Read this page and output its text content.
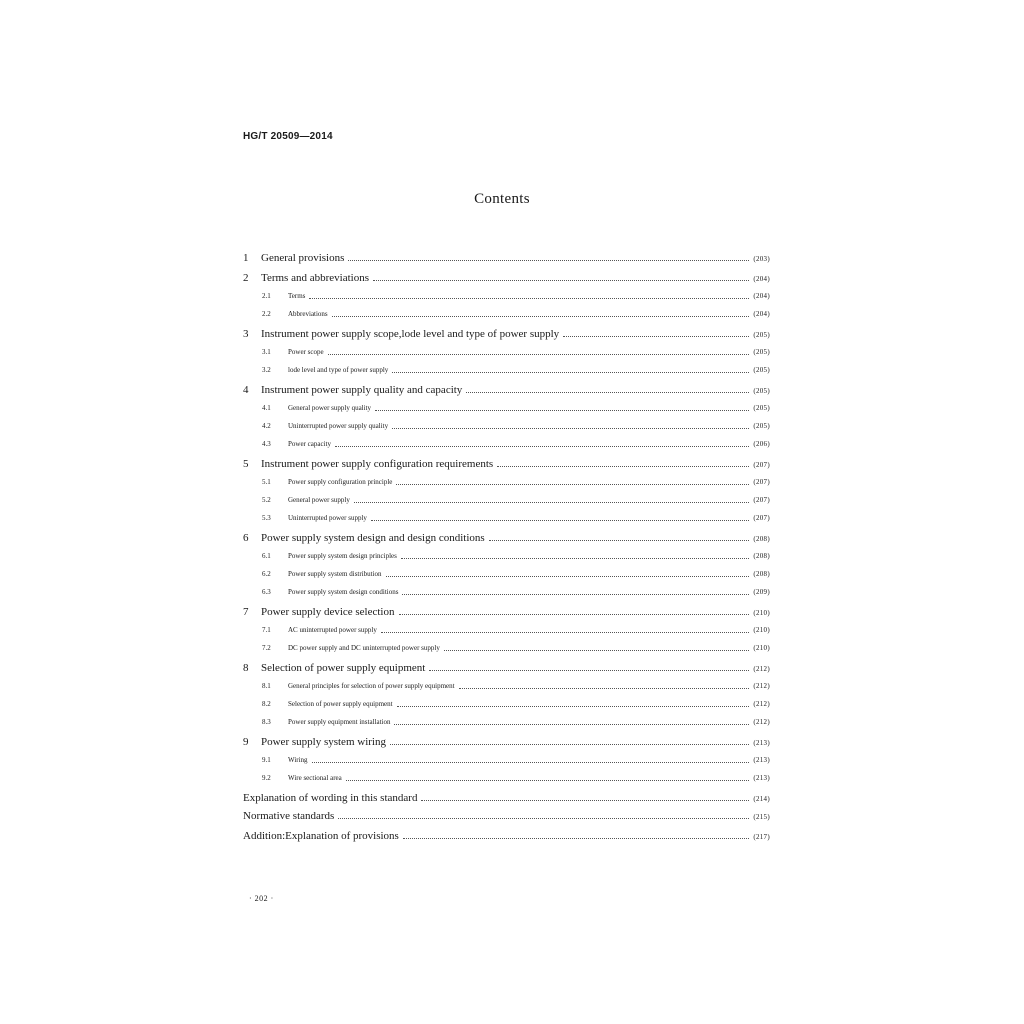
HG/T 20509—2014
Contents
1	General provisions	(203)
2	Terms and abbreviations	(204)
2.1	Terms	(204)
2.2	Abbreviations	(204)
3	Instrument power supply scope,lode level and type of power supply	(205)
3.1	Power scope	(205)
3.2	lode level and type of power supply	(205)
4	Instrument power supply quality and capacity	(205)
4.1	General power supply quality	(205)
4.2	Uninterrupted power supply quality	(205)
4.3	Power capacity	(206)
5	Instrument power supply configuration requirements	(207)
5.1	Power supply configuration principle	(207)
5.2	General power supply	(207)
5.3	Uninterrupted power supply	(207)
6	Power supply system design and design conditions	(208)
6.1	Power supply system design principles	(208)
6.2	Power supply system distribution	(208)
6.3	Power supply system design conditions	(209)
7	Power supply device selection	(210)
7.1	AC uninterrupted power supply	(210)
7.2	DC power supply and DC uninterrupted power supply	(210)
8	Selection of power supply equipment	(212)
8.1	General principles for selection of power supply equipment	(212)
8.2	Selection of power supply equipment	(212)
8.3	Power supply equipment installation	(212)
9	Power supply system wiring	(213)
9.1	Wiring	(213)
9.2	Wire sectional area	(213)
Explanation of wording in this standard	(214)
Normative standards	(215)
Addition:Explanation of provisions	(217)
· 202 ·
